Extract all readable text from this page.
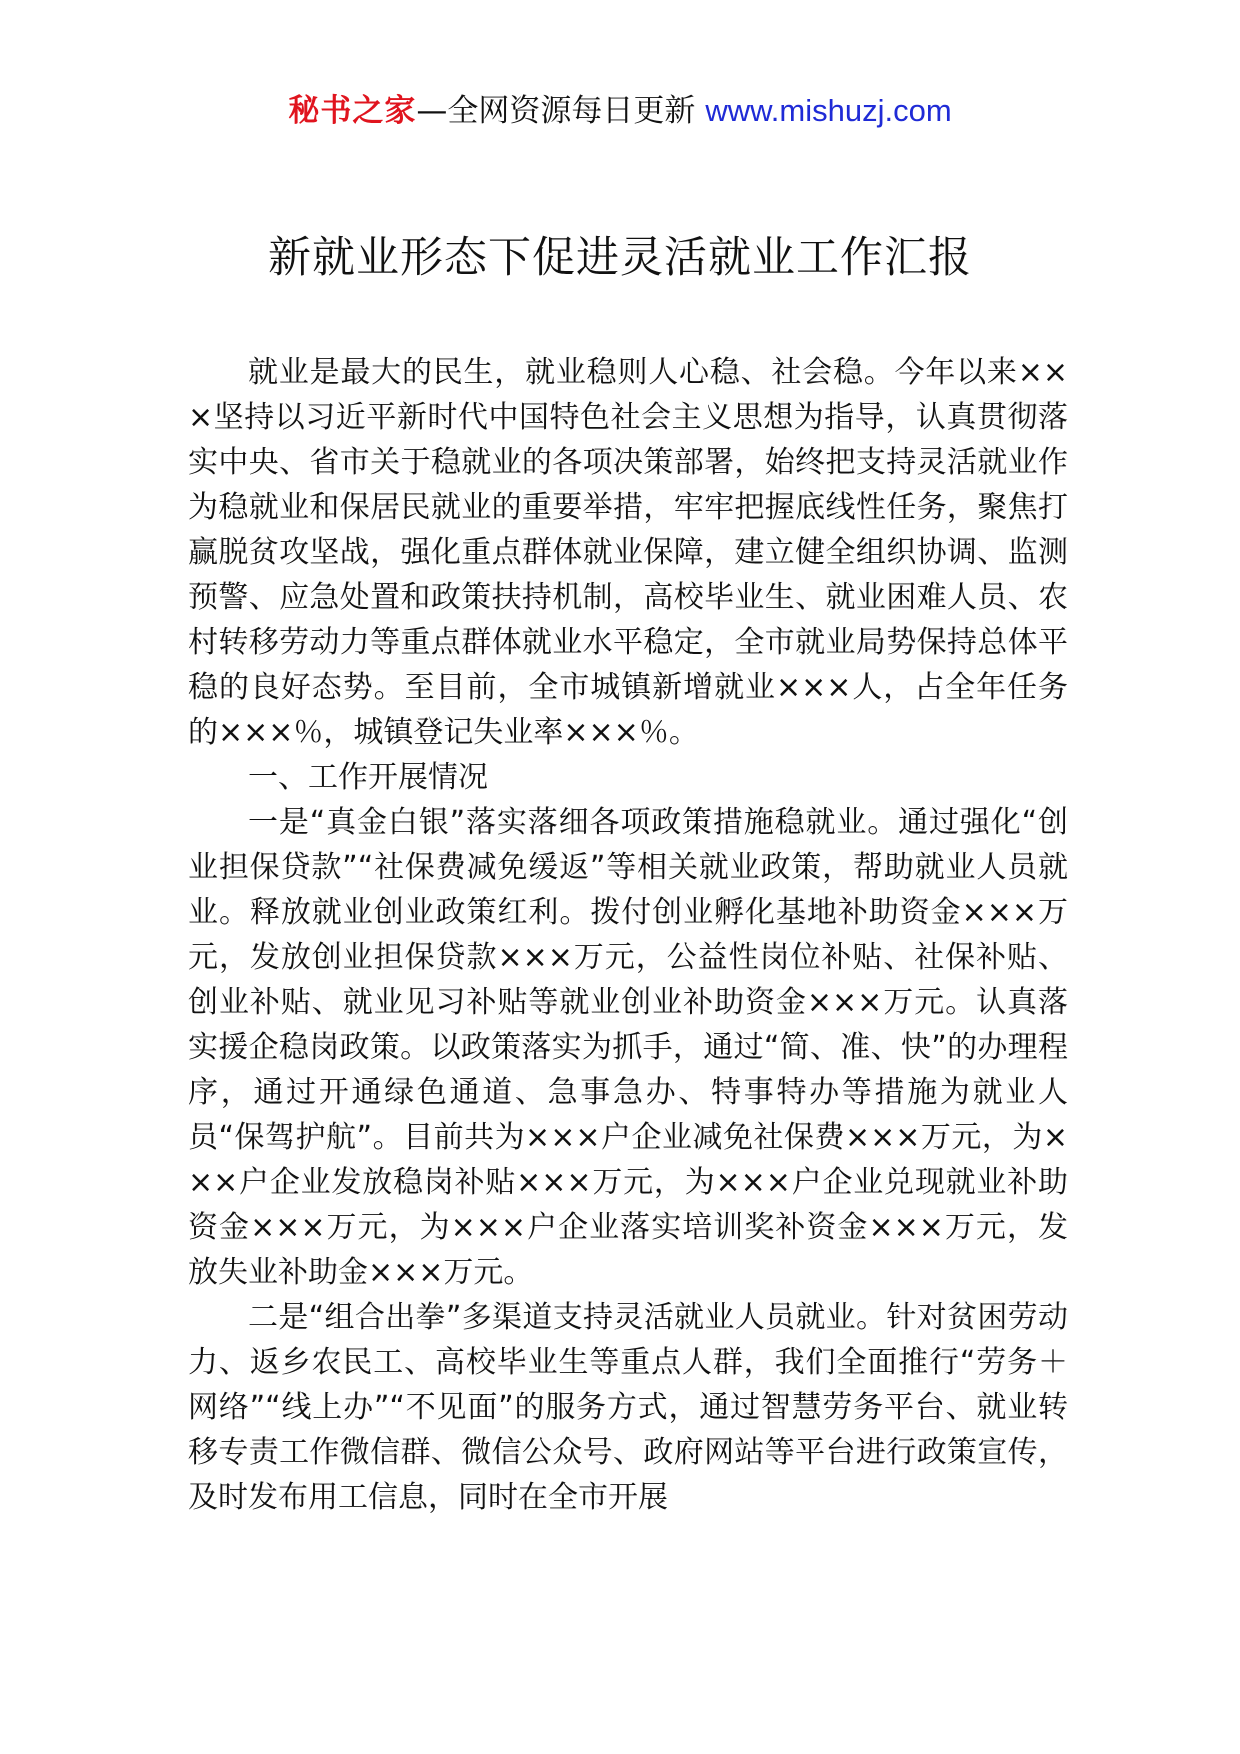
秘书之家—全网资源每日更新 www.mishuzj.com
新就业形态下促进灵活就业工作汇报

就业是最大的民生，就业稳则人心稳、社会稳。今年以来×××坚持以习近平新时代中国特色社会主义思想为指导，认真贯彻落实中央、省市关于稳就业的各项决策部署，始终把支持灵活就业作为稳就业和保居民就业的重要举措，牢牢把握底线性任务，聚焦打赢脱贫攻坚战，强化重点群体就业保障，建立健全组织协调、监测预警、应急处置和政策扶持机制，高校毕业生、就业困难人员、农村转移劳动力等重点群体就业水平稳定，全市就业局势保持总体平稳的良好态势。至目前，全市城镇新增就业×××人，占全年任务的×××％，城镇登记失业率×××％。

一、工作开展情况

一是“真金白银”落实落细各项政策措施稳就业。通过强化“创业担保贷款”“社保费减免缓返”等相关就业政策，帮助就业人员就业。释放就业创业政策红利。拨付创业孵化基地补助资金×××万元，发放创业担保贷款×××万元，公益性岗位补贴、社保补贴、创业补贴、就业见习补贴等就业创业补助资金×××万元。认真落实援企稳岗政策。以政策落实为抓手，通过“简、准、快”的办理程序，通过开通绿色通道、急事急办、特事特办等措施为就业人员“保驾护航”。目前共为×××户企业减免社保费×××万元，为×××户企业发放稳岗补贴×××万元，为×××户企业兑现就业补助资金×××万元，为×××户企业落实培训奖补资金×××万元，发放失业补助金×××万元。

二是“组合出拳”多渠道支持灵活就业人员就业。针对贫困劳动力、返乡农民工、高校毕业生等重点人群，我们全面推行“劳务＋网络”“线上办”“不见面”的服务方式，通过智慧劳务平台、就业转移专责工作微信群、微信公众号、政府网站等平台进行政策宣传，及时发布用工信息，同时在全市开展
